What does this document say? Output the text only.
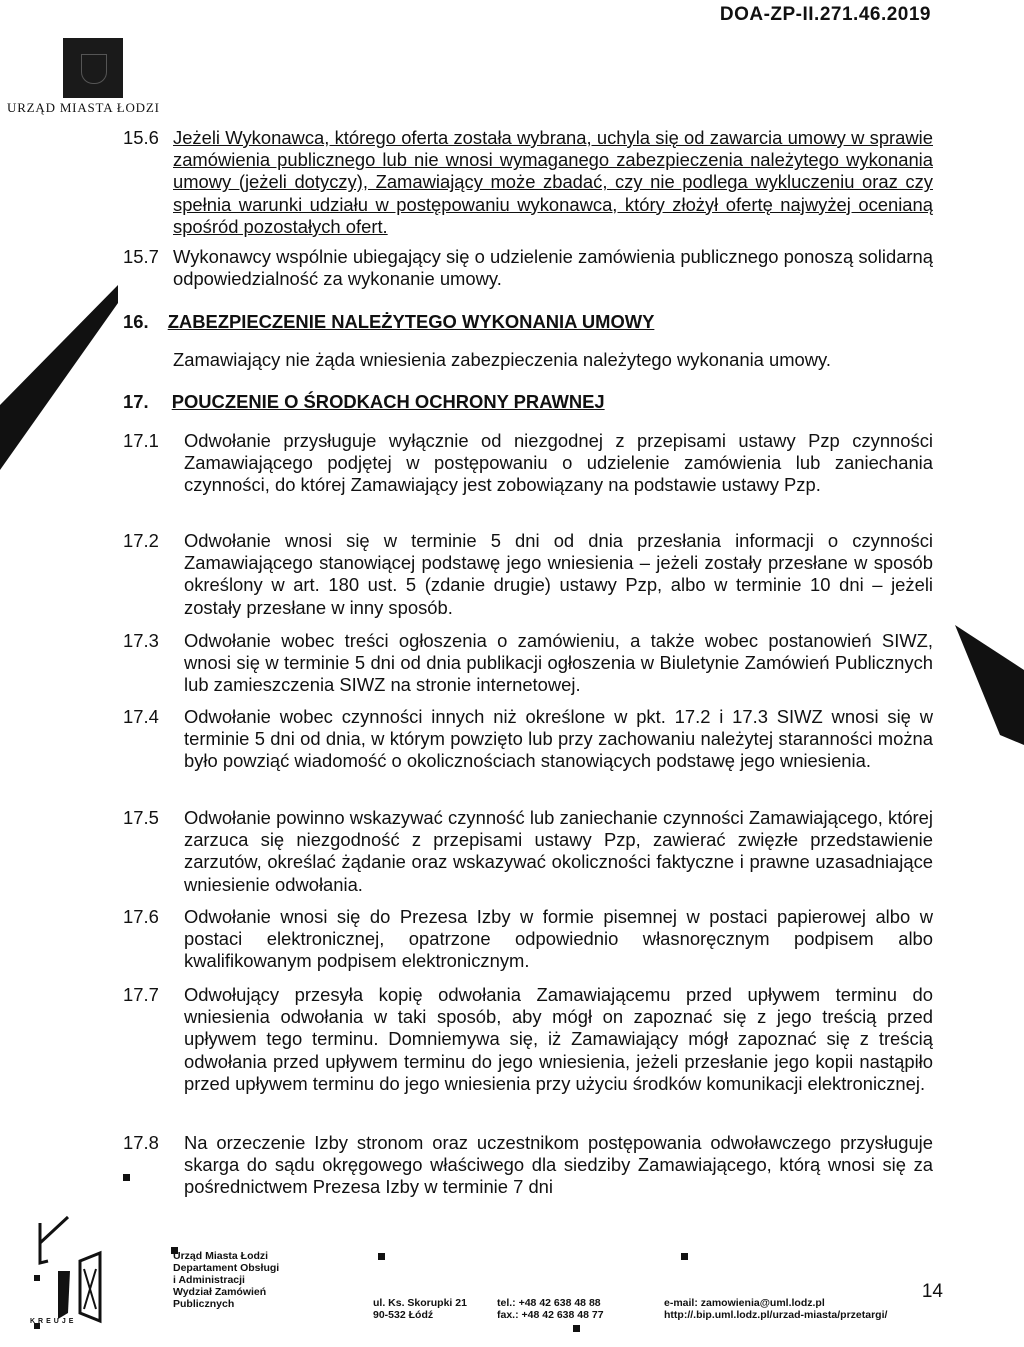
DOA-ZP-II.271.46.2019
URZĄD MIASTA ŁODZI
15.6 Jeżeli Wykonawca, którego oferta została wybrana, uchyla się od zawarcia umowy w sprawie zamówienia publicznego lub nie wnosi wymaganego zabezpieczenia należytego wykonania umowy (jeżeli dotyczy), Zamawiający może zbadać, czy nie podlega wykluczeniu oraz czy spełnia warunki udziału w postępowaniu wykonawca, który złożył ofertę najwyżej ocenianą spośród pozostałych ofert.
15.7 Wykonawcy wspólnie ubiegający się o udzielenie zamówienia publicznego ponoszą solidarną odpowiedzialność za wykonanie umowy.
16. ZABEZPIECZENIE NALEŻYTEGO WYKONANIA UMOWY
Zamawiający nie żąda wniesienia zabezpieczenia należytego wykonania umowy.
17. POUCZENIE O ŚRODKACH OCHRONY PRAWNEJ
17.1 Odwołanie przysługuje wyłącznie od niezgodnej z przepisami ustawy Pzp czynności Zamawiającego podjętej w postępowaniu o udzielenie zamówienia lub zaniechania czynności, do której Zamawiający jest zobowiązany na podstawie ustawy Pzp.
17.2 Odwołanie wnosi się w terminie 5 dni od dnia przesłania informacji o czynności Zamawiającego stanowiącej podstawę jego wniesienia – jeżeli zostały przesłane w sposób określony w art. 180 ust. 5 (zdanie drugie) ustawy Pzp, albo w terminie 10 dni – jeżeli zostały przesłane w inny sposób.
17.3 Odwołanie wobec treści ogłoszenia o zamówieniu, a także wobec postanowień SIWZ, wnosi się w terminie 5 dni od dnia publikacji ogłoszenia w Biuletynie Zamówień Publicznych lub zamieszczenia SIWZ na stronie internetowej.
17.4 Odwołanie wobec czynności innych niż określone w pkt. 17.2 i 17.3 SIWZ wnosi się w terminie 5 dni od dnia, w którym powzięto lub przy zachowaniu należytej staranności można było powziąć wiadomość o okolicznościach stanowiących podstawę jego wniesienia.
17.5 Odwołanie powinno wskazywać czynność lub zaniechanie czynności Zamawiającego, której zarzuca się niezgodność z przepisami ustawy Pzp, zawierać zwięzłe przedstawienie zarzutów, określać żądanie oraz wskazywać okoliczności faktyczne i prawne uzasadniające wniesienie odwołania.
17.6 Odwołanie wnosi się do Prezesa Izby w formie pisemnej w postaci papierowej albo w postaci elektronicznej, opatrzone odpowiednio własnoręcznym podpisem albo kwalifikowanym podpisem elektronicznym.
17.7 Odwołujący przesyła kopię odwołania Zamawiającemu przed upływem terminu do wniesienia odwołania w taki sposób, aby mógł on zapoznać się z jego treścią przed upływem tego terminu. Domniemywa się, iż Zamawiający mógł zapoznać się z treścią odwołania przed upływem terminu do jego wniesienia, jeżeli przesłanie jego kopii nastąpiło przed upływem terminu do jego wniesienia przy użyciu środków komunikacji elektronicznej.
17.8 Na orzeczenie Izby stronom oraz uczestnikom postępowania odwoławczego przysługuje skarga do sądu okręgowego właściwego dla siedziby Zamawiającego, którą wnosi się za pośrednictwem Prezesa Izby w terminie 7 dni
KREUJE
Urząd Miasta Łodzi
Departament Obsługi
i Administracji
Wydział Zamówień
Publicznych	ul. Ks. Skorupki 21
90-532 Łódź
tel.: +48 42 638 48 88
fax.: +48 42 638 48 77
e-mail: zamowienia@uml.lodz.pl
http://.bip.uml.lodz.pl/urzad-miasta/przetargi/
14
